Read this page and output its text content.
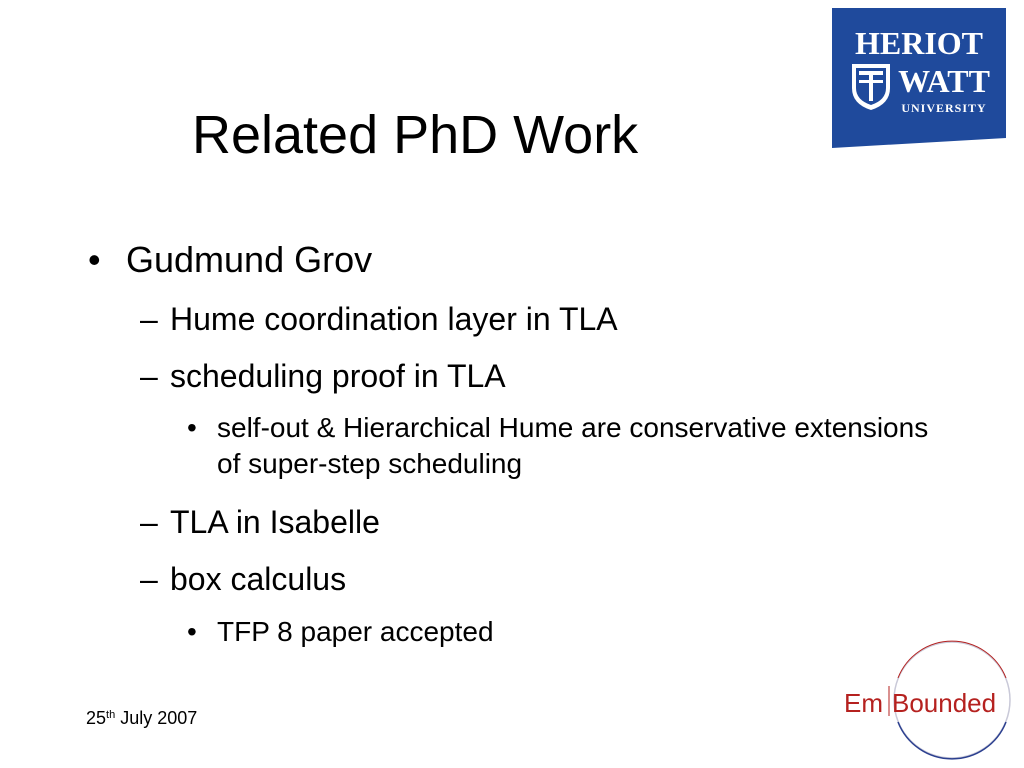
Related PhD Work
HERIOT
WATT
UNIVERSITY
• Gudmund Grov
– Hume coordination layer in TLA
– scheduling proof in TLA
• self-out & Hierarchical Hume are conservative extensions of super-step scheduling
– TLA in Isabelle
– box calculus
• TFP 8 paper accepted
25th July 2007	Em Bounded
